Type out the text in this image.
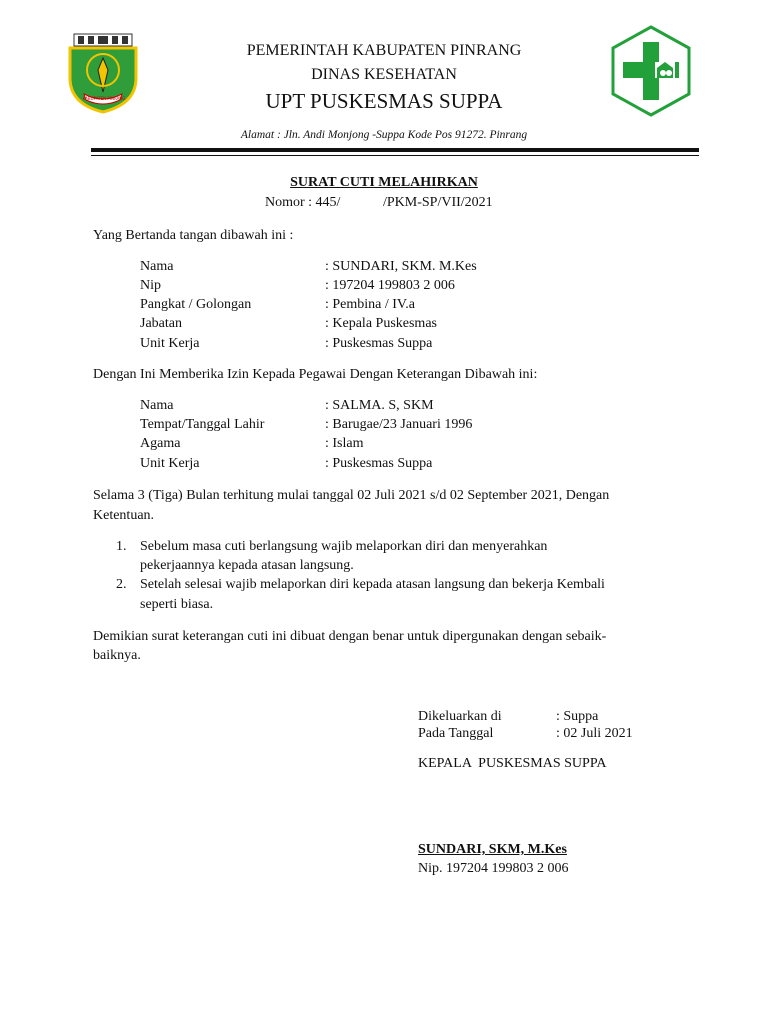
KABUPATEN PINRANG
PEMERINTAH KABUPATEN PINRANG
DINAS KESEHATAN
UPT PUSKESMAS SUPPA
Alamat : Jln. Andi Monjong -Suppa Kode Pos 91272. Pinrang
SURAT CUTI MELAHIRKAN
Nomor : 445/	/PKM-SP/VII/2021
Yang Bertanda tangan dibawah ini :
Nama	: SUNDARI, SKM. M.Kes
Nip	: 197204 199803 2 006
Pangkat / Golongan	: Pembina / IV.a
Jabatan	: Kepala Puskesmas
Unit Kerja	: Puskesmas Suppa
Dengan Ini Memberika Izin Kepada Pegawai Dengan Keterangan Dibawah ini:
Nama	: SALMA. S, SKM
Tempat/Tanggal Lahir	: Barugae/23 Januari 1996
Agama	: Islam
Unit Kerja	: Puskesmas Suppa
Selama 3 (Tiga) Bulan terhitung mulai tanggal 02 Juli 2021 s/d 02 September 2021, Dengan
Ketentuan.
1. Sebelum masa cuti berlangsung wajib melaporkan diri dan menyerahkan
pekerjaannya kepada atasan langsung.
2. Setelah selesai wajib melaporkan diri kepada atasan langsung dan bekerja Kembali
seperti biasa.
Demikian surat keterangan cuti ini dibuat dengan benar untuk dipergunakan dengan sebaik-
baiknya.
Dikeluarkan di	: Suppa
Pada Tanggal	: 02 Juli 2021
KEPALA  PUSKESMAS SUPPA
SUNDARI, SKM, M.Kes
Nip. 197204 199803 2 006
